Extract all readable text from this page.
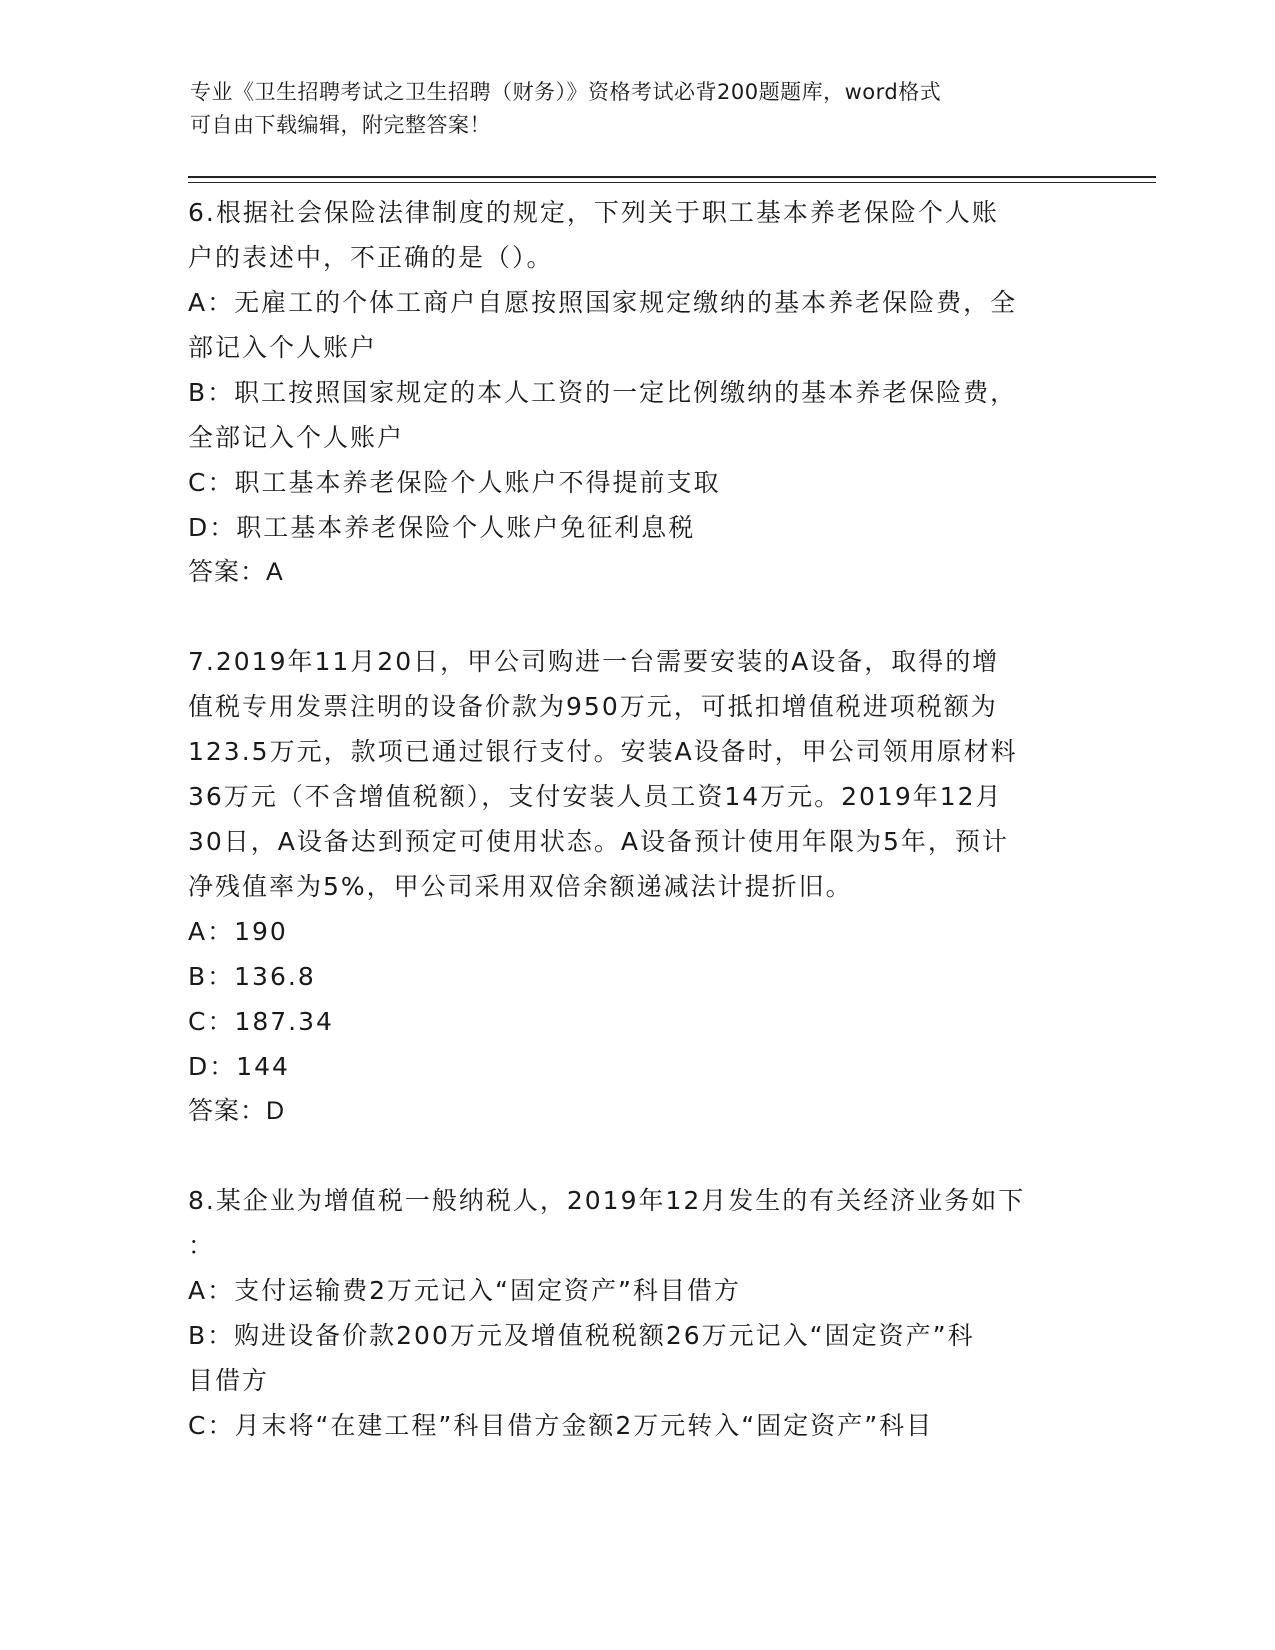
专业《卫生招聘考试之卫生招聘（财务）》资格考试必背200题题库，word格式
可自由下载编辑，附完整答案！
6.根据社会保险法律制度的规定，下列关于职工基本养老保险个人账
户的表述中，不正确的是（）。
A：无雇工的个体工商户自愿按照国家规定缴纳的基本养老保险费，全
部记入个人账户
B：职工按照国家规定的本人工资的一定比例缴纳的基本养老保险费，
全部记入个人账户
C：职工基本养老保险个人账户不得提前支取
D：职工基本养老保险个人账户免征利息税
答案：A
7.2019年11月20日，甲公司购进一台需要安装的A设备，取得的增
值税专用发票注明的设备价款为950万元，可抵扣增值税进项税额为
123.5万元，款项已通过银行支付。安装A设备时，甲公司领用原材料
36万元（不含增值税额），支付安装人员工资14万元。2019年12月
30日，A设备达到预定可使用状态。A设备预计使用年限为5年，预计
净残值率为5%，甲公司采用双倍余额递减法计提折旧。
A：190
B：136.8
C：187.34
D：144
答案：D
8.某企业为增值税一般纳税人，2019年12月发生的有关经济业务如下
：
A：支付运输费2万元记入“固定资产”科目借方
B：购进设备价款200万元及增值税税额26万元记入“固定资产”科
目借方
C：月末将“在建工程”科目借方金额2万元转入“固定资产”科目
